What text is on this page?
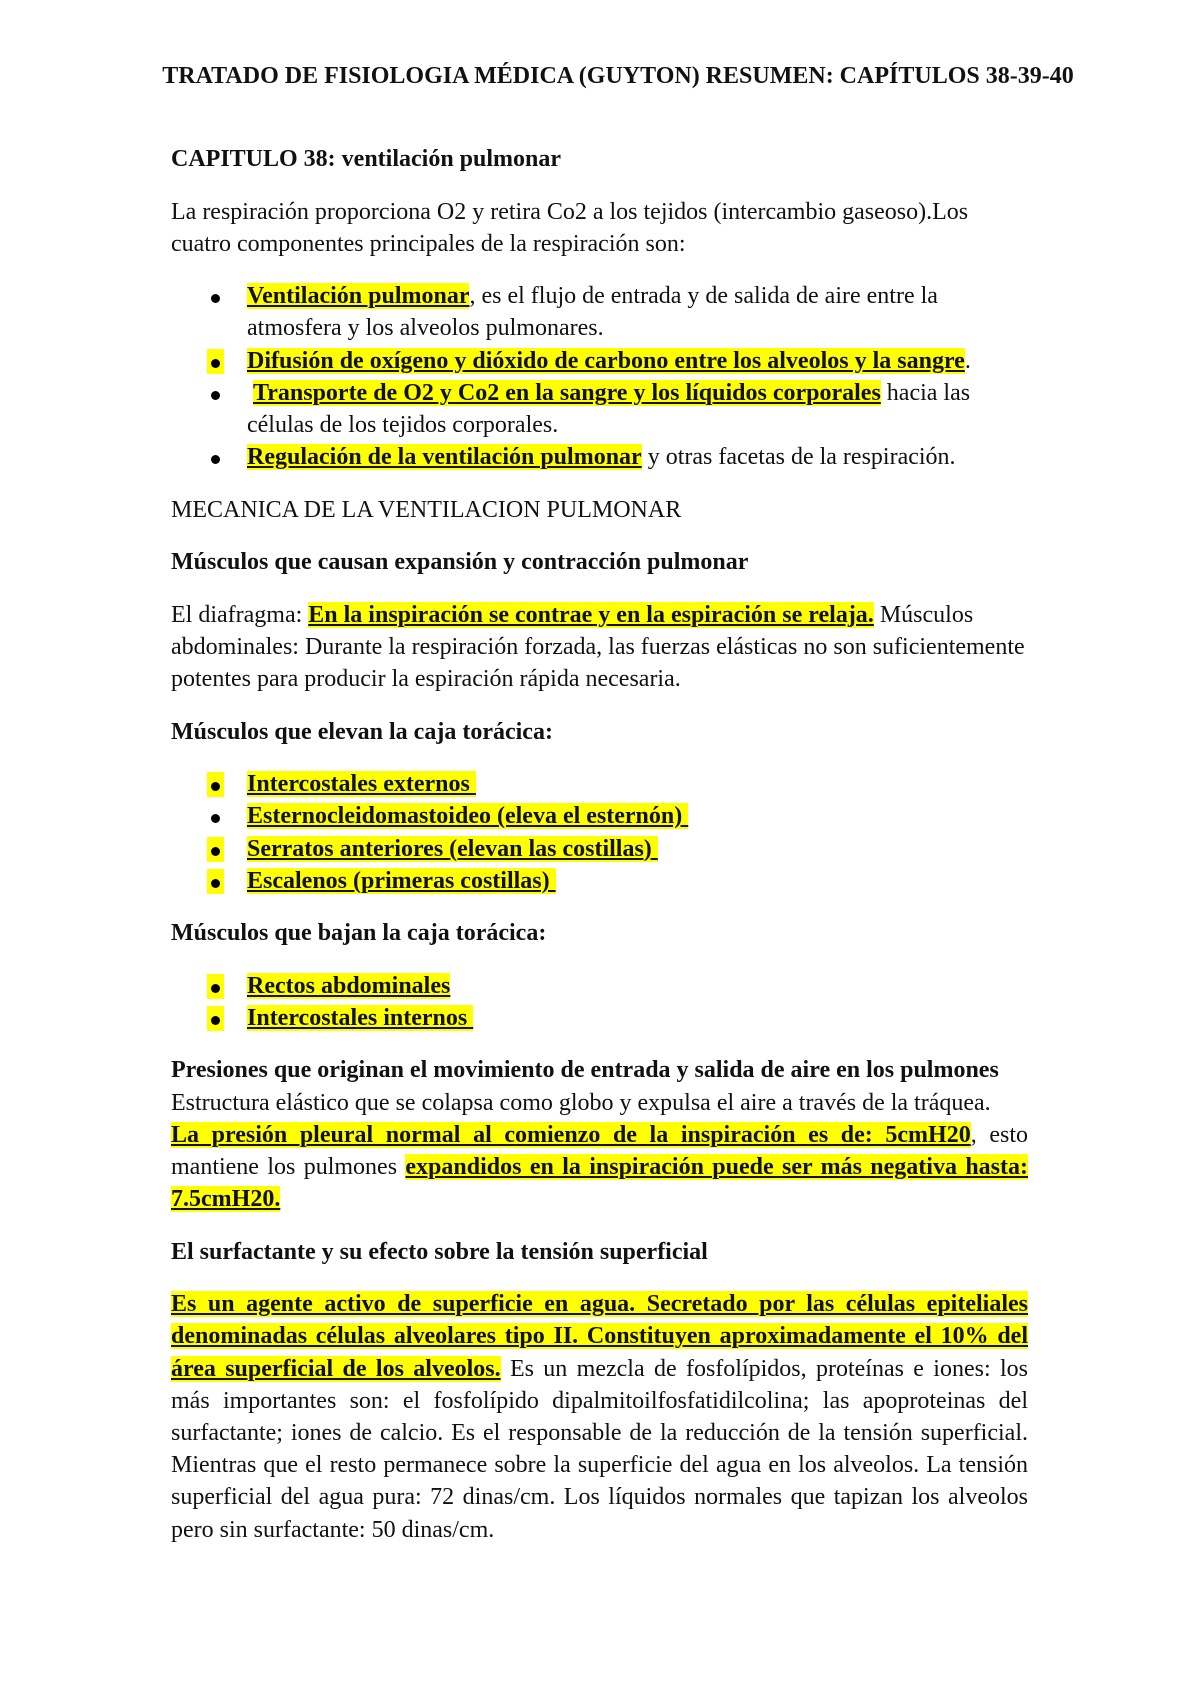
TRATADO DE FISIOLOGIA MÉDICA (GUYTON) RESUMEN: CAPÍTULOS 38-39-40

CAPITULO 38: ventilación pulmonar

La respiración proporciona O2 y retira Co2 a los tejidos (intercambio gaseoso).Los cuatro componentes principales de la respiración son:

Ventilación pulmonar, es el flujo de entrada y de salida de aire entre la atmosfera y los alveolos pulmonares.
Difusión de oxígeno y dióxido de carbono entre los alveolos y la sangre.
Transporte de O2 y Co2 en la sangre y los líquidos corporales hacia las células de los tejidos corporales.
Regulación de la ventilación pulmonar y otras facetas de la respiración.

MECANICA DE LA VENTILACION PULMONAR

Músculos que causan expansión y contracción pulmonar

El diafragma: En la inspiración se contrae y en la espiración se relaja. Músculos abdominales: Durante la respiración forzada, las fuerzas elásticas no son suficientemente potentes para producir la espiración rápida necesaria.

Músculos que elevan la caja torácica:

Intercostales externos
Esternocleidomastoideo (eleva el esternón)
Serratos anteriores (elevan las costillas)
Escalenos (primeras costillas)

Músculos que bajan la caja torácica:

Rectos abdominales
Intercostales internos

Presiones que originan el movimiento de entrada y salida de aire en los pulmones
Estructura elástico que se colapsa como globo y expulsa el aire a través de la tráquea.
La presión pleural normal al comienzo de la inspiración es de: 5cmH20, esto mantiene los pulmones expandidos en la inspiración puede ser más negativa hasta: 7.5cmH20.

El surfactante y su efecto sobre la tensión superficial

Es un agente activo de superficie en agua. Secretado por las células epiteliales denominadas células alveolares tipo II. Constituyen aproximadamente el 10% del área superficial de los alveolos. Es un mezcla de fosfolípidos, proteínas e iones: los más importantes son: el fosfolípido dipalmitoilfosfatidilcolina; las apoproteinas del surfactante; iones de calcio. Es el responsable de la reducción de la tensión superficial. Mientras que el resto permanece sobre la superficie del agua en los alveolos. La tensión superficial del agua pura: 72 dinas/cm. Los líquidos normales que tapizan los alveolos pero sin surfactante: 50 dinas/cm.
